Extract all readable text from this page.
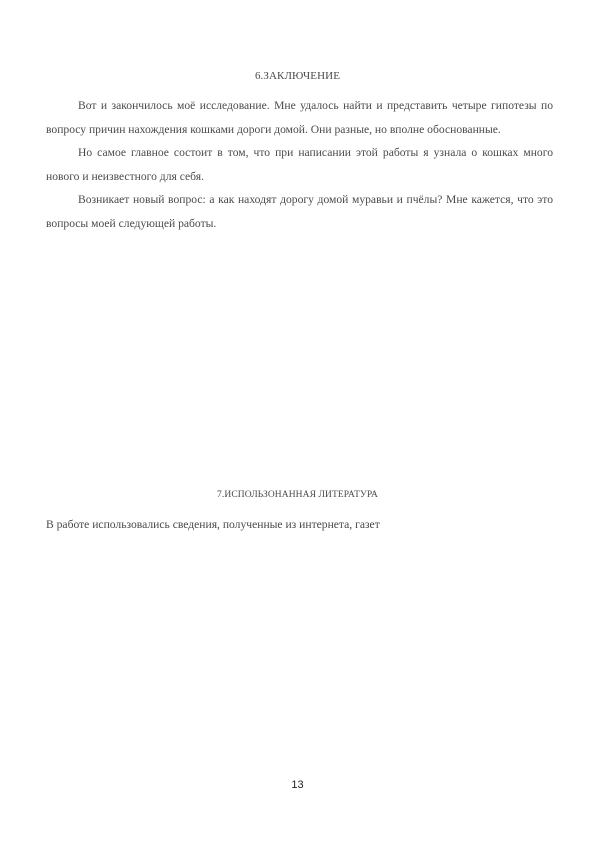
6.ЗАКЛЮЧЕНИЕ

Вот и закончилось моё исследование. Мне удалось найти и представить четыре гипотезы по вопросу причин нахождения кошками дороги домой. Они разные, но вполне обоснованные.

Но самое главное состоит в том, что при написании этой работы я узнала о кошках много нового и неизвестного для себя.

Возникает новый вопрос: а как находят дорогу домой муравьи и пчёлы? Мне кажется, что это вопросы моей следующей работы.

7.ИСПОЛЬЗОНАННАЯ ЛИТЕРАТУРА
В работе использовались сведения, полученные из интернета, газет
13
